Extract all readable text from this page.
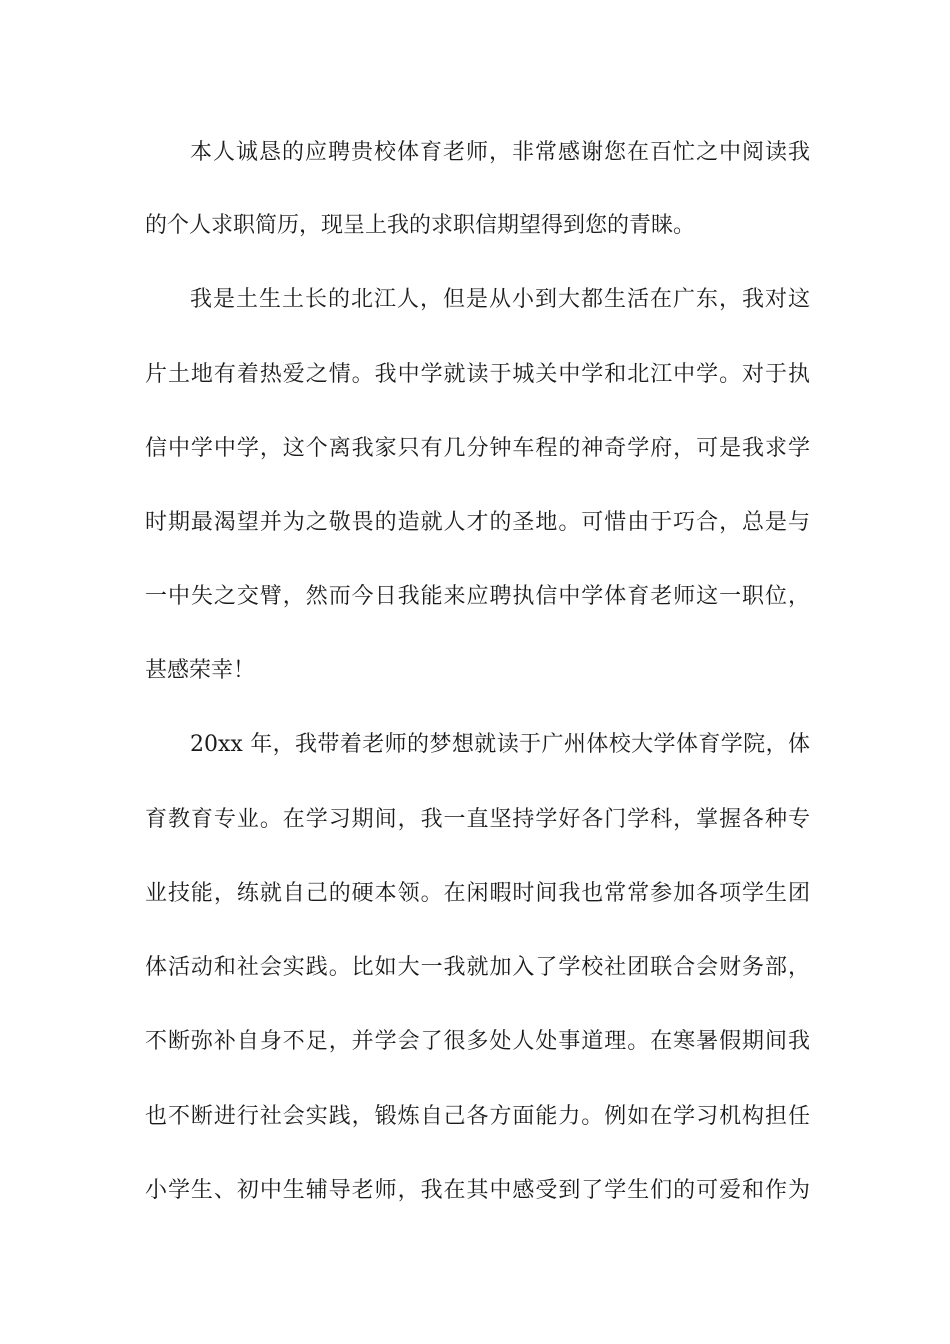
本人诚恳的应聘贵校体育老师，非常感谢您在百忙之中阅读我
的个人求职简历，现呈上我的求职信期望得到您的青睐。
我是土生土长的北江人，但是从小到大都生活在广东，我对这
片土地有着热爱之情。我中学就读于城关中学和北江中学。对于执
信中学中学，这个离我家只有几分钟车程的神奇学府，可是我求学
时期最渴望并为之敬畏的造就人才的圣地。可惜由于巧合，总是与
一中失之交臂，然而今日我能来应聘执信中学体育老师这一职位，
甚感荣幸！
20xx 年，我带着老师的梦想就读于广州体校大学体育学院，体
育教育专业。在学习期间，我一直坚持学好各门学科，掌握各种专
业技能，练就自己的硬本领。在闲暇时间我也常常参加各项学生团
体活动和社会实践。比如大一我就加入了学校社团联合会财务部，
不断弥补自身不足，并学会了很多处人处事道理。在寒暑假期间我
也不断进行社会实践，锻炼自己各方面能力。例如在学习机构担任
小学生、初中生辅导老师，我在其中感受到了学生们的可爱和作为
